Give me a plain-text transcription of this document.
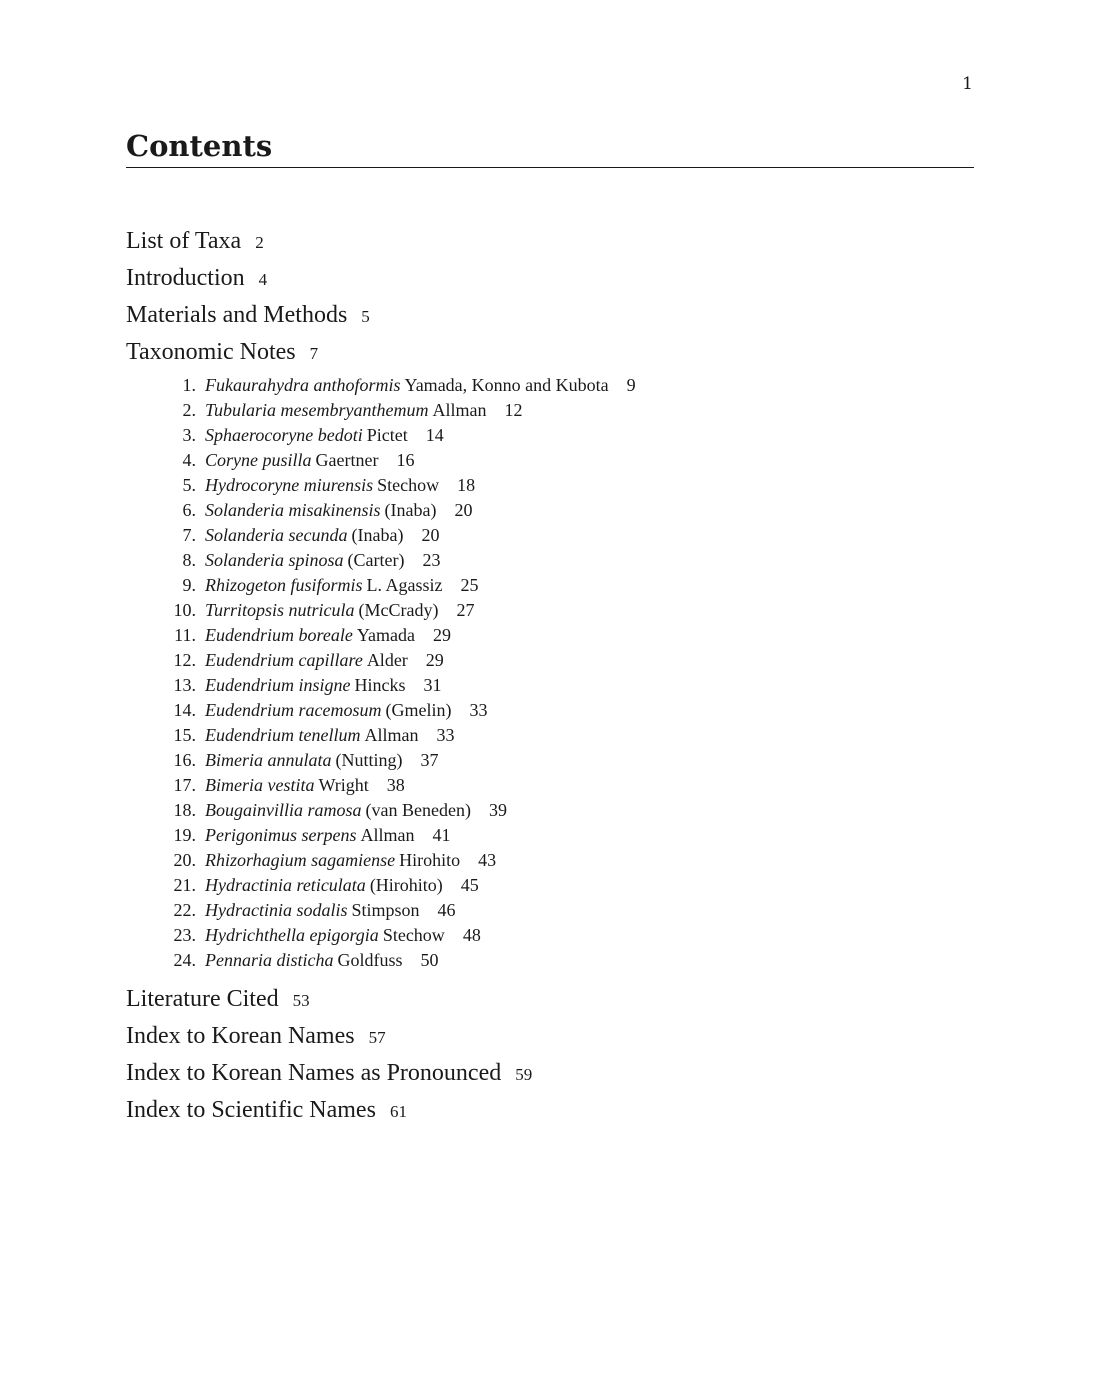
1
Contents
List of Taxa 2
Introduction 4
Materials and Methods 5
Taxonomic Notes 7
1. Fukaurahydra anthoformis Yamada, Konno and Kubota 9
2. Tubularia mesembryanthemum Allman 12
3. Sphaerocoryne bedoti Pictet 14
4. Coryne pusilla Gaertner 16
5. Hydrocoryne miurensis Stechow 18
6. Solanderia misakinensis (Inaba) 20
7. Solanderia secunda (Inaba) 20
8. Solanderia spinosa (Carter) 23
9. Rhizogeton fusiformis L. Agassiz 25
10. Turritopsis nutricula (McCrady) 27
11. Eudendrium boreale Yamada 29
12. Eudendrium capillare Alder 29
13. Eudendrium insigne Hincks 31
14. Eudendrium racemosum (Gmelin) 33
15. Eudendrium tenellum Allman 33
16. Bimeria annulata (Nutting) 37
17. Bimeria vestita Wright 38
18. Bougainvillia ramosa (van Beneden) 39
19. Perigonimus serpens Allman 41
20. Rhizorhagium sagamiense Hirohito 43
21. Hydractinia reticulata (Hirohito) 45
22. Hydractinia sodalis Stimpson 46
23. Hydrichthella epigorgia Stechow 48
24. Pennaria disticha Goldfuss 50
Literature Cited 53
Index to Korean Names 57
Index to Korean Names as Pronounced 59
Index to Scientific Names 61
